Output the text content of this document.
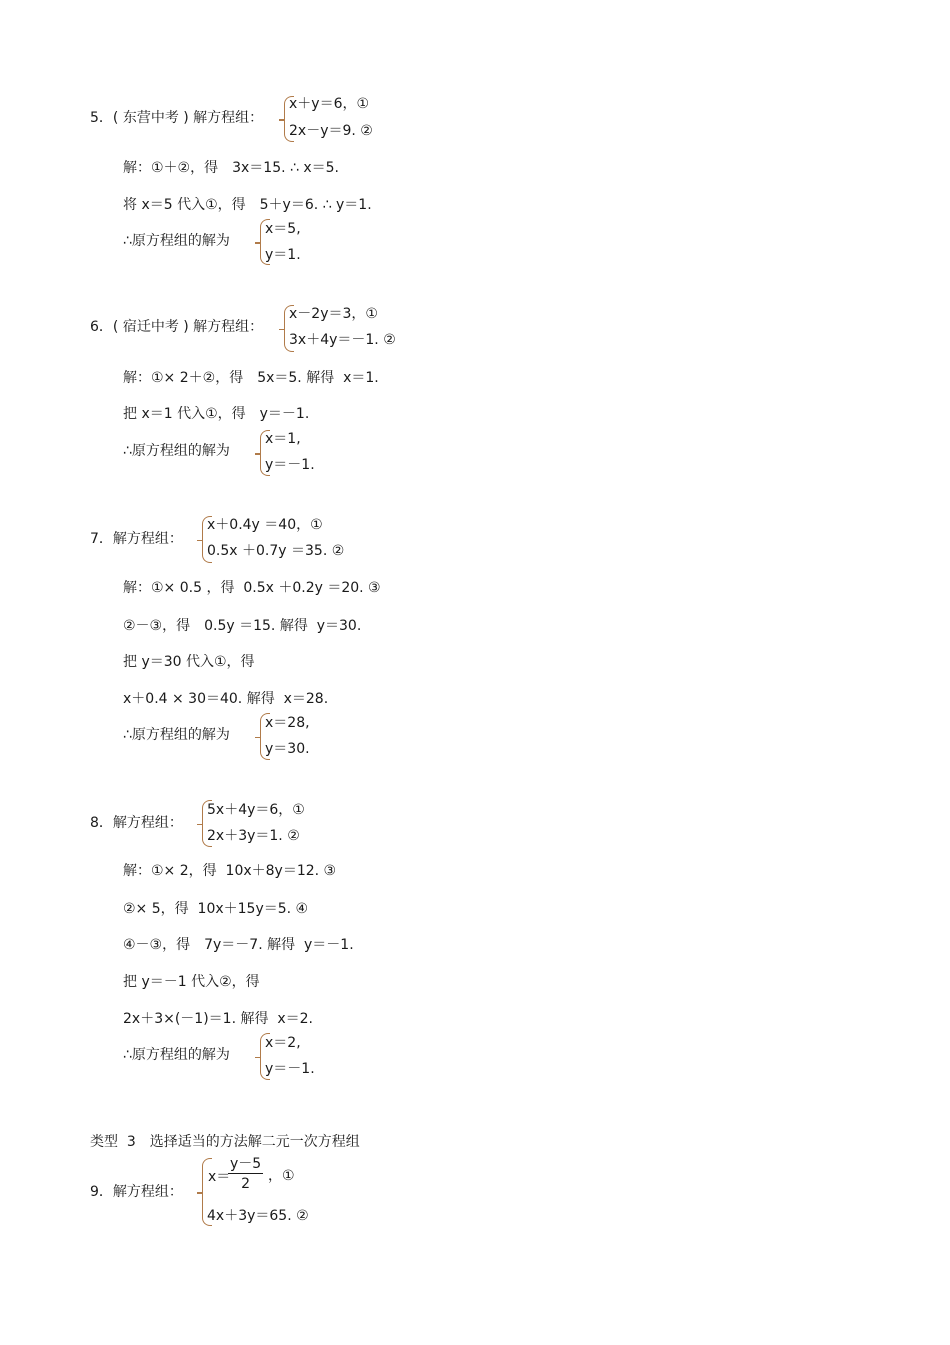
5．( 东营中考 ) 解方程组：
x＋y＝6，①
2x－y＝9. ②
解：①＋②，得　3x＝15. ∴ x＝5.
将 x＝5 代入①，得　5＋y＝6. ∴ y＝1.
∴原方程组的解为
x＝5,
y＝1.
6．( 宿迁中考 ) 解方程组：
x－2y＝3，①
3x＋4y＝－1. ②
解：①× 2＋②，得　5x＝5. 解得  x＝1.
把 x＝1 代入①，得　y＝－1.
∴原方程组的解为
x＝1,
y＝－1.
7．解方程组：
x＋0.4y ＝40，①
0.5x ＋0.7y ＝35. ②
解：①× 0.5 ，得  0.5x ＋0.2y ＝20. ③
②－③，得　0.5y ＝15. 解得  y＝30.
把 y＝30 代入①，得
x＋0.4 × 30＝40. 解得  x＝28.
∴原方程组的解为
x＝28,
y＝30.
8．解方程组：
5x＋4y＝6，①
2x＋3y＝1. ②
解：①× 2，得  10x＋8y＝12. ③
②× 5，得  10x＋15y＝5. ④
④－③，得　7y＝－7. 解得  y＝－1.
把 y＝－1 代入②，得
2x＋3×(－1)＝1. 解得  x＝2.
∴原方程组的解为
x＝2,
y＝－1.
类型  3　选择适当的方法解二元一次方程组
9．解方程组：
x＝
$\frac{y-5}{2}$ ，①
4x＋3y＝65. ②
